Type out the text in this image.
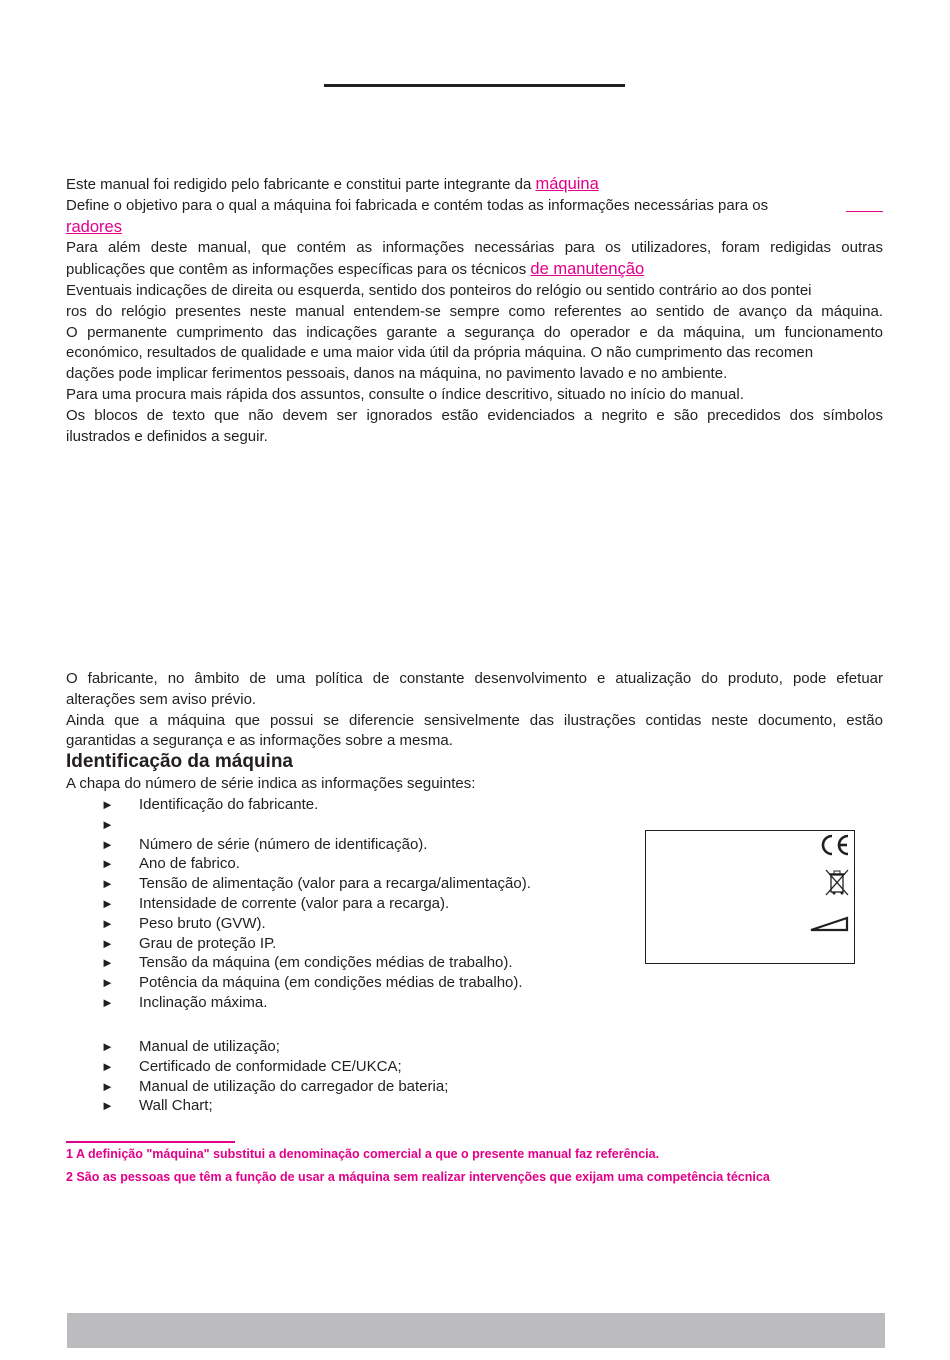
Este manual foi redigido pelo fabricante e constitui parte integrante da máquina
Define o objetivo para o qual a máquina foi fabricada e contém todas as informações necessárias para os
radores
Para além deste manual, que contém as informações necessárias para os utilizadores, foram redigidas outras
publicações que contêm as informações específicas para os técnicos de manutenção
Eventuais indicações de direita ou esquerda, sentido dos ponteiros do relógio ou sentido contrário ao dos pontei
ros do relógio presentes neste manual entendem-se sempre como referentes ao sentido de avanço da máquina.
O permanente cumprimento das indicações garante a segurança do operador e da máquina, um funcionamento
económico, resultados de qualidade e uma maior vida útil da própria máquina. O não cumprimento das recomen
dações pode implicar ferimentos pessoais, danos na máquina, no pavimento lavado e no ambiente.
Para uma procura mais rápida dos assuntos, consulte o índice descritivo, situado no início do manual.
Os blocos de texto que não devem ser ignorados estão evidenciados a negrito e são precedidos dos símbolos
ilustrados e definidos a seguir.
O fabricante, no âmbito de uma política de constante desenvolvimento e atualização do produto, pode efetuar
alterações sem aviso prévio.
Ainda que a máquina que possui se diferencie sensivelmente das ilustrações contidas neste documento, estão
garantidas a segurança e as informações sobre a mesma.
Identificação da máquina
A chapa do número de série indica as informações seguintes:
► Identificação do fabricante.
►
► Número de série (número de identificação).
► Ano de fabrico.
► Tensão de alimentação (valor para a recarga/alimentação).
► Intensidade de corrente (valor para a recarga).
► Peso bruto (GVW).
► Grau de proteção IP.
► Tensão da máquina (em condições médias de trabalho).
► Potência da máquina (em condições médias de trabalho).
► Inclinação máxima.
► Manual de utilização;
► Certificado de conformidade CE/UKCA;
► Manual de utilização do carregador de bateria;
► Wall Chart;
1 A definição "máquina" substitui a denominação comercial a que o presente manual faz referência.
2 São as pessoas que têm a função de usar a máquina sem realizar intervenções que exijam uma competência técnica
